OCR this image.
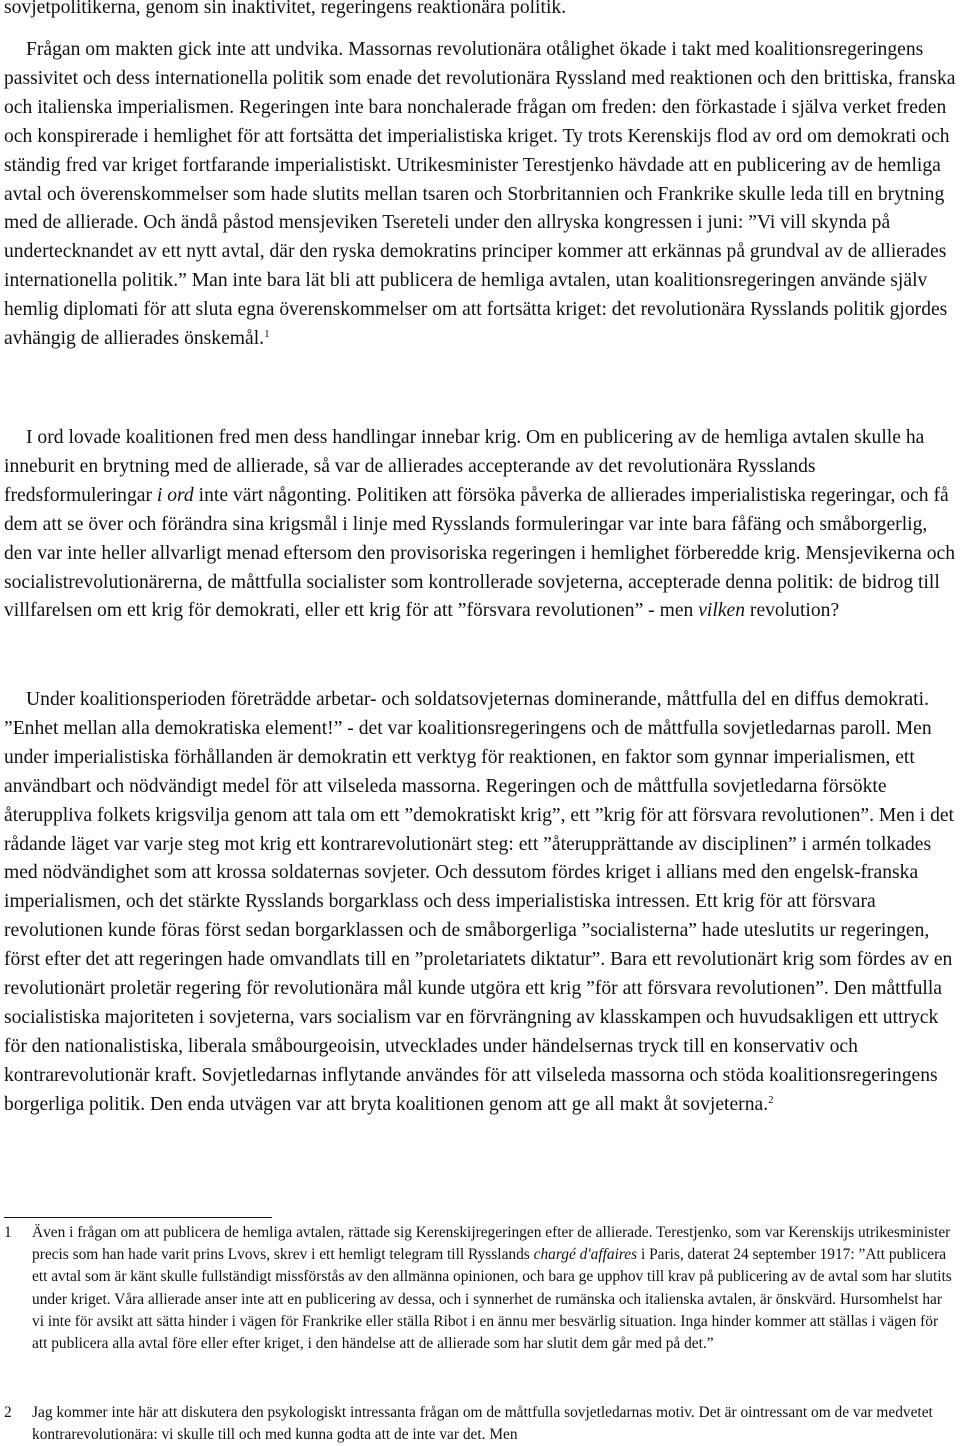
sovjetpolitikerna, genom sin inaktivitet, regeringens reaktionära politik.

Frågan om makten gick inte att undvika. Massornas revolutionära otålighet ökade i takt med koalitionsregeringens passivitet och dess internationella politik som enade det revolutionära Ryssland med reaktionen och den brittiska, franska och italienska imperialismen. Regeringen inte bara nonchalerade frågan om freden: den förkastade i själva verket freden och konspirerade i hemlighet för att fortsätta det imperialistiska kriget. Ty trots Kerenskijs flod av ord om demokrati och ständig fred var kriget fortfarande imperialistiskt. Utrikesminister Terestjenko hävdade att en publicering av de hemliga avtal och överenskommelser som hade slutits mellan tsaren och Storbritannien och Frankrike skulle leda till en brytning med de allierade. Och ändå påstod mensjeviken Tsereteli under den allryska kongressen i juni: ”Vi vill skynda på undertecknandet av ett nytt avtal, där den ryska demokratins principer kommer att erkännas på grundval av de allierades internationella politik.” Man inte bara lät bli att publicera de hemliga avtalen, utan koalitionsregeringen använde själv hemlig diplomati för att sluta egna överenskommelser om att fortsätta kriget: det revolutionära Rysslands politik gjordes avhängig de allierades önskemål.$^1$

I ord lovade koalitionen fred men dess handlingar innebar krig. Om en publicering av de hemliga avtalen skulle ha inneburit en brytning med de allierade, så var de allierades accepterande av det revolutionära Rysslands fredsformuleringar i ord inte värt någonting. Politiken att försöka påverka de allierades imperialistiska regeringar, och få dem att se över och förändra sina krigsmål i linje med Rysslands formuleringar var inte bara fåfäng och småborgerlig, den var inte heller allvarligt menad eftersom den provisoriska regeringen i hemlighet förberedde krig. Mensjevikerna och socialistrevolutionärerna, de måttfulla socialister som kontrollerade sovjeterna, accepterade denna politik: de bidrog till villfarelsen om ett krig för demokrati, eller ett krig för att ”försvara revolutionen” - men vilken revolution?

Under koalitionsperioden företrädde arbetar- och soldatsovjeternas dominerande, måttfulla del en diffus demokrati. ”Enhet mellan alla demokratiska element!” - det var koalitionsregeringens och de måttfulla sovjetledarnas paroll. Men under imperialistiska förhållanden är demokratin ett verktyg för reaktionen, en faktor som gynnar imperialismen, ett användbart och nödvändigt medel för att vilseleda massorna. Regeringen och de måttfulla sovjetledarna försökte återuppliva folkets krigsvilja genom att tala om ett ”demokratiskt krig”, ett ”krig för att försvara revolutionen”. Men i det rådande läget var varje steg mot krig ett kontrarevolutionärt steg: ett ”återupprättande av disciplinen” i armén tolkades med nödvändighet som att krossa soldaternas sovjeter. Och dessutom fördes kriget i allians med den engelsk-franska imperialismen, och det stärkte Rysslands borgarklass och dess imperialistiska intressen. Ett krig för att försvara revolutionen kunde föras först sedan borgarklassen och de småborgerliga ”socialisterna” hade uteslutits ur regeringen, först efter det att regeringen hade omvandlats till en ”proletariatets diktatur”. Bara ett revolutionärt krig som fördes av en revolutionärt proletär regering för revolutionära mål kunde utgöra ett krig ”för att försvara revolutionen”. Den måttfulla socialistiska majoriteten i sovjeterna, vars socialism var en förvrängning av klasskampen och huvudsakligen ett uttryck för den nationalistiska, liberala småbourgeoisin, utvecklades under händelsernas tryck till en konservativ och kontrarevolutionär kraft. Sovjetledarnas inflytande användes för att vilseleda massorna och stöda koalitionsregeringens borgerliga politik. Den enda utvägen var att bryta koalitionen genom att ge all makt åt sovjeterna.$^2$

1 Även i frågan om att publicera de hemliga avtalen, rättade sig Kerenskijregeringen efter de allierade. Terestjenko, som var Kerenskijs utrikesminister precis som han hade varit prins Lvovs, skrev i ett hemligt telegram till Rysslands chargé d'affaires i Paris, daterat 24 september 1917: ”Att publicera ett avtal som är känt skulle fullständigt missförstås av den allmänna opinionen, och bara ge upphov till krav på publicering av de avtal som har slutits under kriget. Våra allierade anser inte att en publicering av dessa, och i synnerhet de rumänska och italienska avtalen, är önskvärd. Hursomhelst har vi inte för avsikt att sätta hinder i vägen för Frankrike eller ställa Ribot i en ännu mer besvärlig situation. Inga hinder kommer att ställas i vägen för att publicera alla avtal före eller efter kriget, i den händelse att de allierade som har slutit dem går med på det.”

2 Jag kommer inte här att diskutera den psykologiskt intressanta frågan om de måttfulla sovjetledarnas motiv. Det är ointressant om de var medvetet kontrarevolutionära: vi skulle till och med kunna godta att de inte var det. Men
